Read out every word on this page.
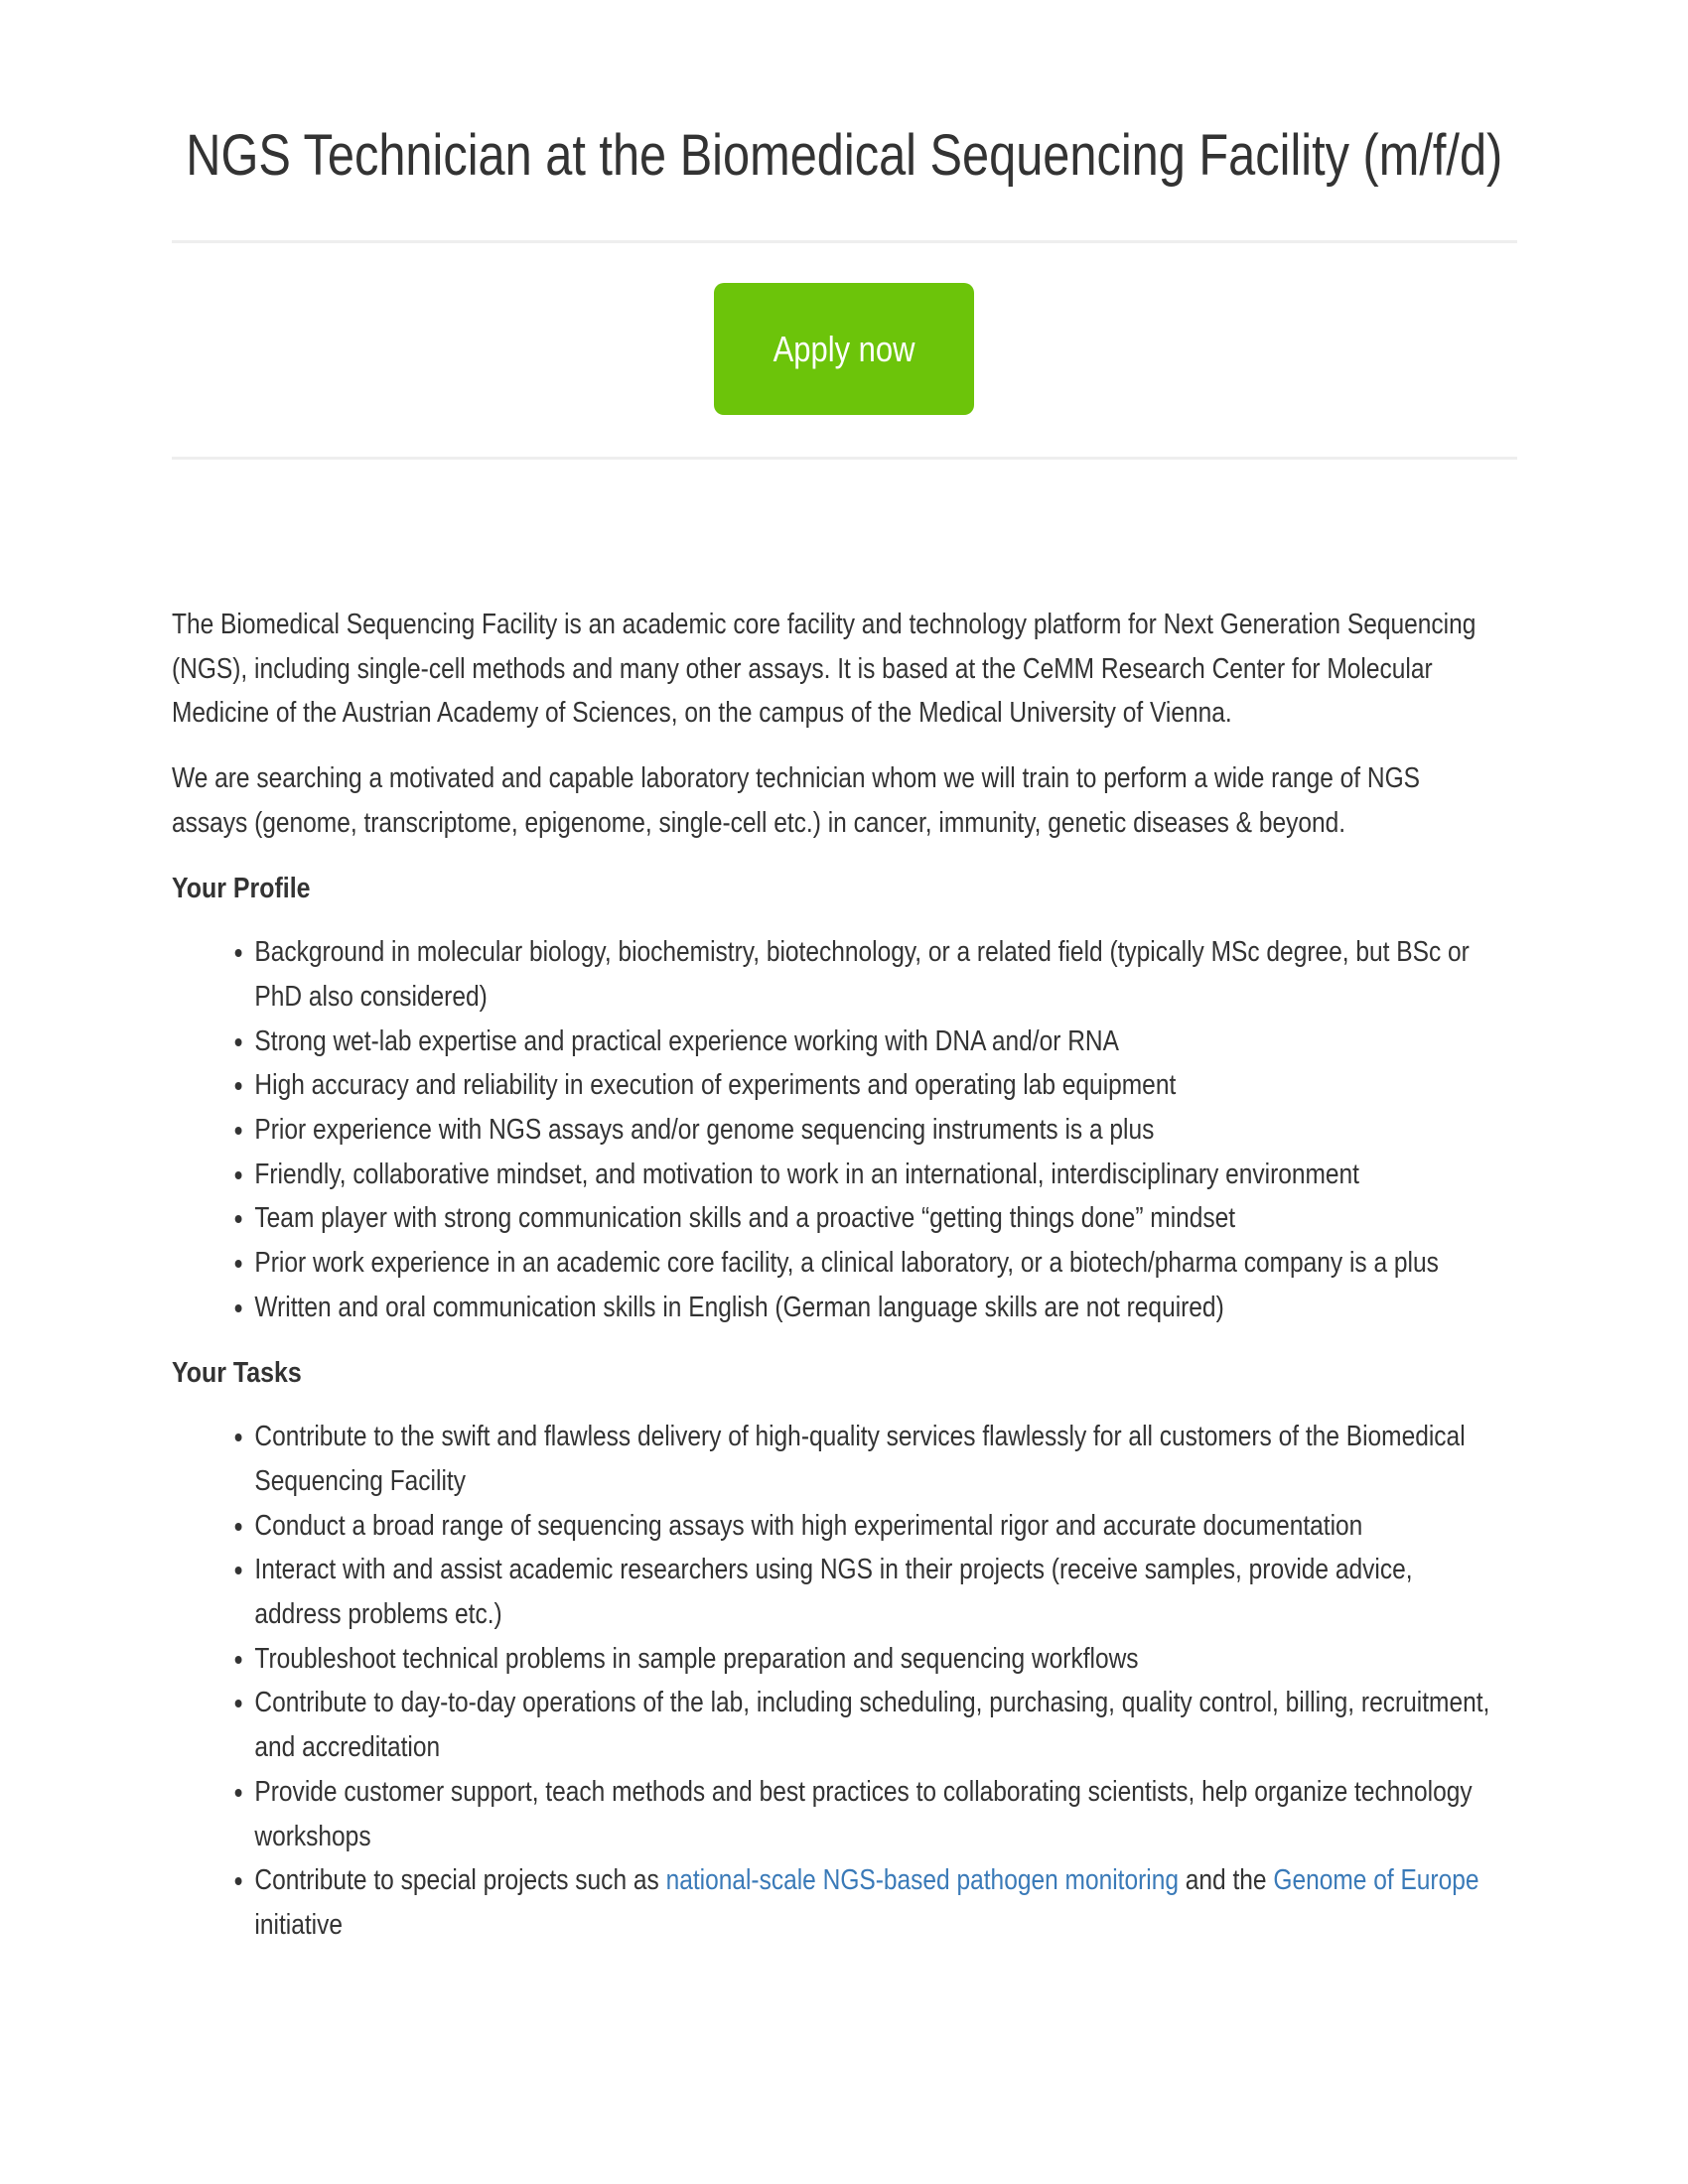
NGS Technician at the Biomedical Sequencing Facility (m/f/d)
Apply now

The Biomedical Sequencing Facility is an academic core facility and technology platform for Next Generation Sequencing (NGS), including single-cell methods and many other assays. It is based at the CeMM Research Center for Molecular Medicine of the Austrian Academy of Sciences, on the campus of the Medical University of Vienna.

We are searching a motivated and capable laboratory technician whom we will train to perform a wide range of NGS assays (genome, transcriptome, epigenome, single-cell etc.) in cancer, immunity, genetic diseases & beyond.

Your Profile
• Background in molecular biology, biochemistry, biotechnology, or a related field (typically MSc degree, but BSc or PhD also considered)
• Strong wet-lab expertise and practical experience working with DNA and/or RNA
• High accuracy and reliability in execution of experiments and operating lab equipment
• Prior experience with NGS assays and/or genome sequencing instruments is a plus
• Friendly, collaborative mindset, and motivation to work in an international, interdisciplinary environment
• Team player with strong communication skills and a proactive “getting things done” mindset
• Prior work experience in an academic core facility, a clinical laboratory, or a biotech/pharma company is a plus
• Written and oral communication skills in English (German language skills are not required)
Your Tasks
• Contribute to the swift and flawless delivery of high-quality services flawlessly for all customers of the Biomedical Sequencing Facility
• Conduct a broad range of sequencing assays with high experimental rigor and accurate documentation
• Interact with and assist academic researchers using NGS in their projects (receive samples, provide advice, address problems etc.)
• Troubleshoot technical problems in sample preparation and sequencing workflows
• Contribute to day-to-day operations of the lab, including scheduling, purchasing, quality control, billing, recruitment, and accreditation
• Provide customer support, teach methods and best practices to collaborating scientists, help organize technology workshops
• Contribute to special projects such as national-scale NGS-based pathogen monitoring and the Genome of Europe initiative
